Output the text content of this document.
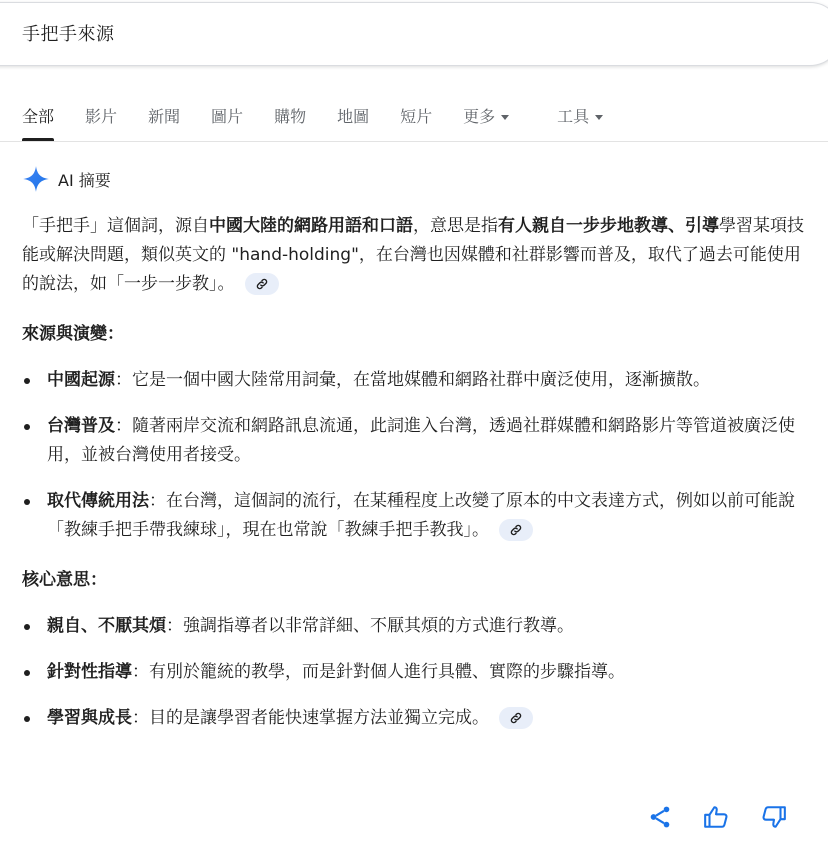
手把手來源
全部 影片 新聞 圖片 購物 地圖 短片 更多	工具
AI 摘要

「手把手」這個詞，源自中國大陸的網路用語和口語，意思是指有人親自一步步地教導、引導學習某項技能或解決問題，類似英文的 "hand-holding"，在台灣也因媒體和社群影響而普及，取代了過去可能使用的說法，如「一步一步教」。

來源與演變：
中國起源：它是一個中國大陸常用詞彙，在當地媒體和網路社群中廣泛使用，逐漸擴散。
台灣普及：隨著兩岸交流和網路訊息流通，此詞進入台灣，透過社群媒體和網路影片等管道被廣泛使用，並被台灣使用者接受。
取代傳統用法：在台灣，這個詞的流行，在某種程度上改變了原本的中文表達方式，例如以前可能說「教練手把手帶我練球」，現在也常說「教練手把手教我」。
核心意思：
親自、不厭其煩：強調指導者以非常詳細、不厭其煩的方式進行教導。
針對性指導：有別於籠統的教學，而是針對個人進行具體、實際的步驟指導。
學習與成長：目的是讓學習者能快速掌握方法並獨立完成。
